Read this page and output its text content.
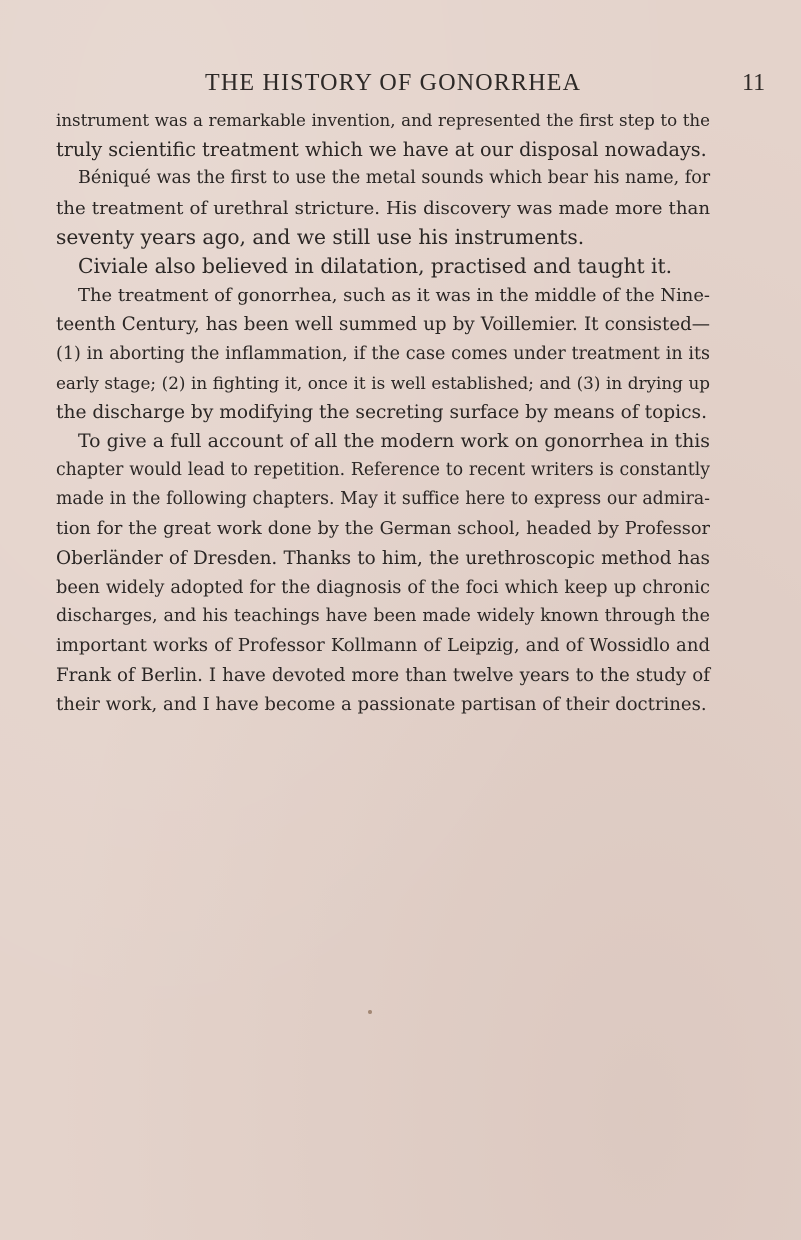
THE HISTORY OF GONORRHEA	11
instrument was a remarkable invention, and represented the first step to the
truly scientific treatment which we have at our disposal nowadays.
Béniqué was the first to use the metal sounds which bear his name, for
the treatment of urethral stricture. His discovery was made more than
seventy years ago, and we still use his instruments.
Civiale also believed in dilatation, practised and taught it.
The treatment of gonorrhea, such as it was in the middle of the Nine-
teenth Century, has been well summed up by Voillemier. It consisted—
(1) in aborting the inflammation, if the case comes under treatment in its
early stage; (2) in fighting it, once it is well established; and (3) in drying up
the discharge by modifying the secreting surface by means of topics.
To give a full account of all the modern work on gonorrhea in this
chapter would lead to repetition. Reference to recent writers is constantly
made in the following chapters. May it suffice here to express our admira-
tion for the great work done by the German school, headed by Professor
Oberländer of Dresden. Thanks to him, the urethroscopic method has
been widely adopted for the diagnosis of the foci which keep up chronic
discharges, and his teachings have been made widely known through the
important works of Professor Kollmann of Leipzig, and of Wossidlo and
Frank of Berlin. I have devoted more than twelve years to the study of
their work, and I have become a passionate partisan of their doctrines.
